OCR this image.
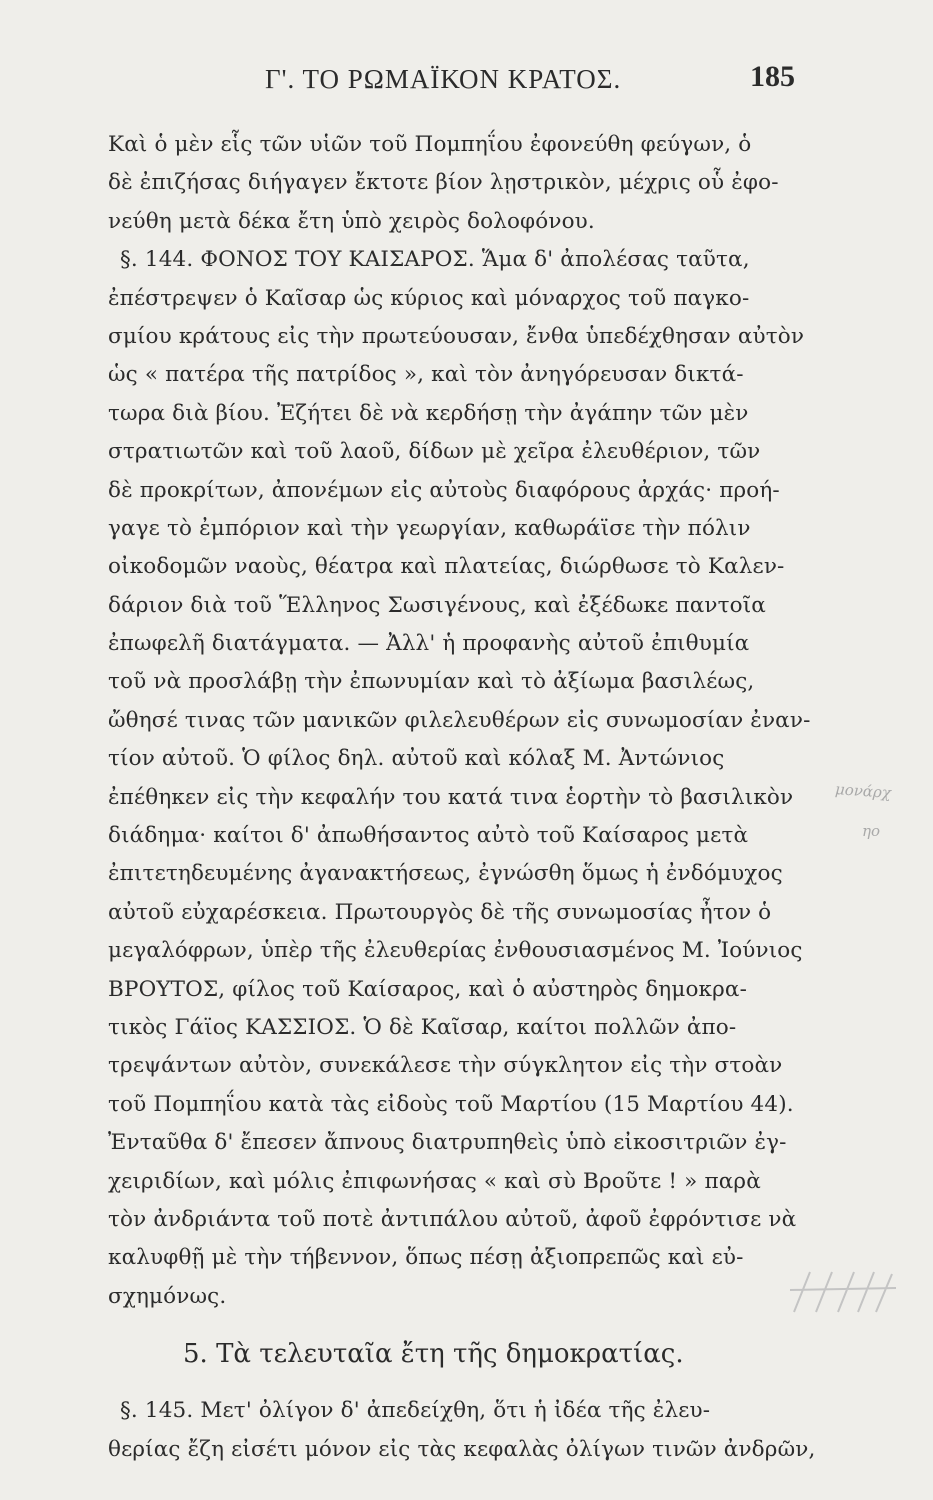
Γ'. ΤΟ ΡΩΜΑΪΚΟΝ ΚΡΑΤΟΣ.	185
Καὶ ὁ μὲν εἷς τῶν υἱῶν τοῦ Πομπηΐου ἐφονεύθη φεύγων, ὁ
δὲ ἐπιζήσας διήγαγεν ἔκτοτε βίον λῃστρικὸν, μέχρις οὗ ἐφο-
νεύθη μετὰ δέκα ἔτη ὑπὸ χειρὸς δολοφόνου.
§. 144. ΦΟΝΟΣ ΤΟΥ ΚΑΙΣΑΡΟΣ. Ἅμα δ' ἀπολέσας ταῦτα,
ἐπέστρεψεν ὁ Καῖσαρ ὡς κύριος καὶ μόναρχος τοῦ παγκο-
σμίου κράτους εἰς τὴν πρωτεύουσαν, ἔνθα ὑπεδέχθησαν αὐτὸν
ὡς « πατέρα τῆς πατρίδος », καὶ τὸν ἀνηγόρευσαν δικτά-
τωρα διὰ βίου. Ἐζήτει δὲ νὰ κερδήσῃ τὴν ἀγάπην τῶν μὲν
στρατιωτῶν καὶ τοῦ λαοῦ, δίδων μὲ χεῖρα ἐλευθέριον, τῶν
δὲ προκρίτων, ἀπονέμων εἰς αὐτοὺς διαφόρους ἀρχάς· προή-
γαγε τὸ ἐμπόριον καὶ τὴν γεωργίαν, καθωράϊσε τὴν πόλιν
οἰκοδομῶν ναοὺς, θέατρα καὶ πλατείας, διώρθωσε τὸ Καλεν-
δάριον διὰ τοῦ Ἕλληνος Σωσιγένους, καὶ ἐξέδωκε παντοῖα
ἐπωφελῆ διατάγματα. — Ἀλλ' ἡ προφανὴς αὐτοῦ ἐπιθυμία
τοῦ νὰ προσλάβῃ τὴν ἐπωνυμίαν καὶ τὸ ἀξίωμα βασιλέως,
ὤθησέ τινας τῶν μανικῶν φιλελευθέρων εἰς συνωμοσίαν ἐναν-
τίον αὐτοῦ. Ὁ φίλος δηλ. αὐτοῦ καὶ κόλαξ Μ. Ἀντώνιος
ἐπέθηκεν εἰς τὴν κεφαλήν του κατά τινα ἑορτὴν τὸ βασιλικὸν
διάδημα· καίτοι δ' ἀπωθήσαντος αὐτὸ τοῦ Καίσαρος μετὰ
ἐπιτετηδευμένης ἀγανακτήσεως, ἐγνώσθη ὅμως ἡ ἐνδόμυχος
αὐτοῦ εὐχαρέσκεια. Πρωτουργὸς δὲ τῆς συνωμοσίας ἦτον ὁ
μεγαλόφρων, ὑπὲρ τῆς ἐλευθερίας ἐνθουσιασμένος Μ. Ἰούνιος
ΒΡΟΥΤΟΣ, φίλος τοῦ Καίσαρος, καὶ ὁ αὐστηρὸς δημοκρα-
τικὸς Γάϊος ΚΑΣΣΙΟΣ. Ὁ δὲ Καῖσαρ, καίτοι πολλῶν ἀπο-
τρεψάντων αὐτὸν, συνεκάλεσε τὴν σύγκλητον εἰς τὴν στοὰν
τοῦ Πομπηΐου κατὰ τὰς εἰδοὺς τοῦ Μαρτίου (15 Μαρτίου 44).
Ἐνταῦθα δ' ἔπεσεν ἄπνους διατρυπηθεὶς ὑπὸ εἰκοσιτριῶν ἐγ-
χειριδίων, καὶ μόλις ἐπιφωνήσας « καὶ σὺ Βροῦτε ! » παρὰ
τὸν ἀνδριάντα τοῦ ποτὲ ἀντιπάλου αὐτοῦ, ἀφοῦ ἐφρόντισε νὰ
καλυφθῇ μὲ τὴν τήβεννον, ὅπως πέσῃ ἀξιοπρεπῶς καὶ εὐ-
σχημόνως.
5. Τὰ τελευταῖα ἔτη τῆς δημοκρατίας.
§. 145. Μετ' ὀλίγον δ' ἀπεδείχθη, ὅτι ἡ ἰδέα τῆς ἐλευ-
θερίας ἔζη εἰσέτι μόνον εἰς τὰς κεφαλὰς ὀλίγων τινῶν ἀνδρῶν,
μονάρχ
ηο
